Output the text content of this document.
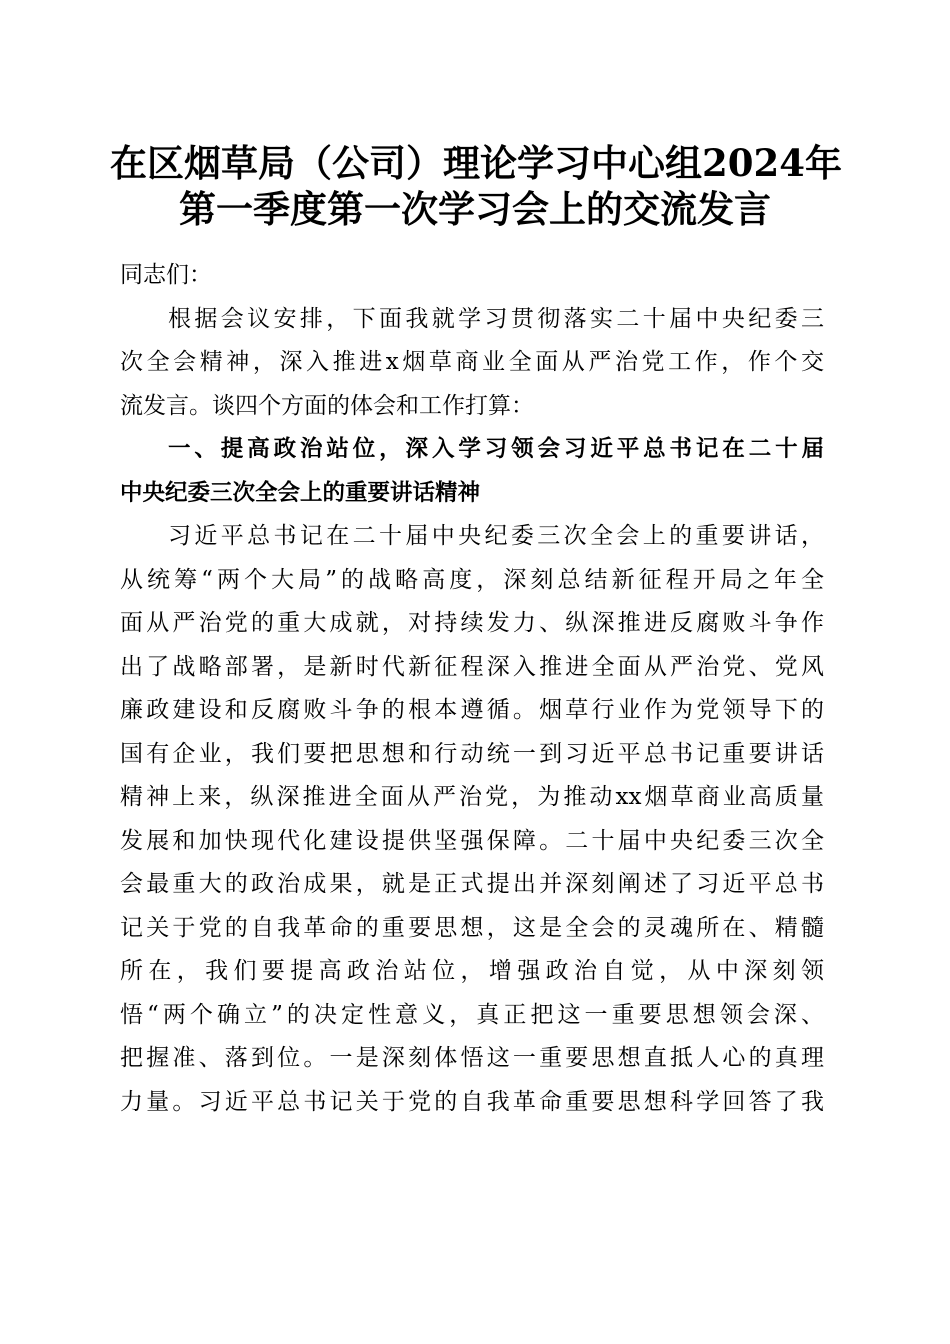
在区烟草局（公司）理论学习中心组2024年
第一季度第一次学习会上的交流发言
同志们：
根据会议安排，下面我就学习贯彻落实二十届中央纪委三
次全会精神，深入推进x烟草商业全面从严治党工作，作个交
流发言。谈四个方面的体会和工作打算：
一、提高政治站位，深入学习领会习近平总书记在二十届
中央纪委三次全会上的重要讲话精神
习近平总书记在二十届中央纪委三次全会上的重要讲话，
从统筹“两个大局”的战略高度，深刻总结新征程开局之年全
面从严治党的重大成就，对持续发力、纵深推进反腐败斗争作
出了战略部署，是新时代新征程深入推进全面从严治党、党风
廉政建设和反腐败斗争的根本遵循。烟草行业作为党领导下的
国有企业，我们要把思想和行动统一到习近平总书记重要讲话
精神上来，纵深推进全面从严治党，为推动xx烟草商业高质量
发展和加快现代化建设提供坚强保障。二十届中央纪委三次全
会最重大的政治成果，就是正式提出并深刻阐述了习近平总书
记关于党的自我革命的重要思想，这是全会的灵魂所在、精髓
所在，我们要提高政治站位，增强政治自觉，从中深刻领
悟“两个确立”的决定性意义，真正把这一重要思想领会深、
把握准、落到位。一是深刻体悟这一重要思想直抵人心的真理
力量。习近平总书记关于党的自我革命重要思想科学回答了我
